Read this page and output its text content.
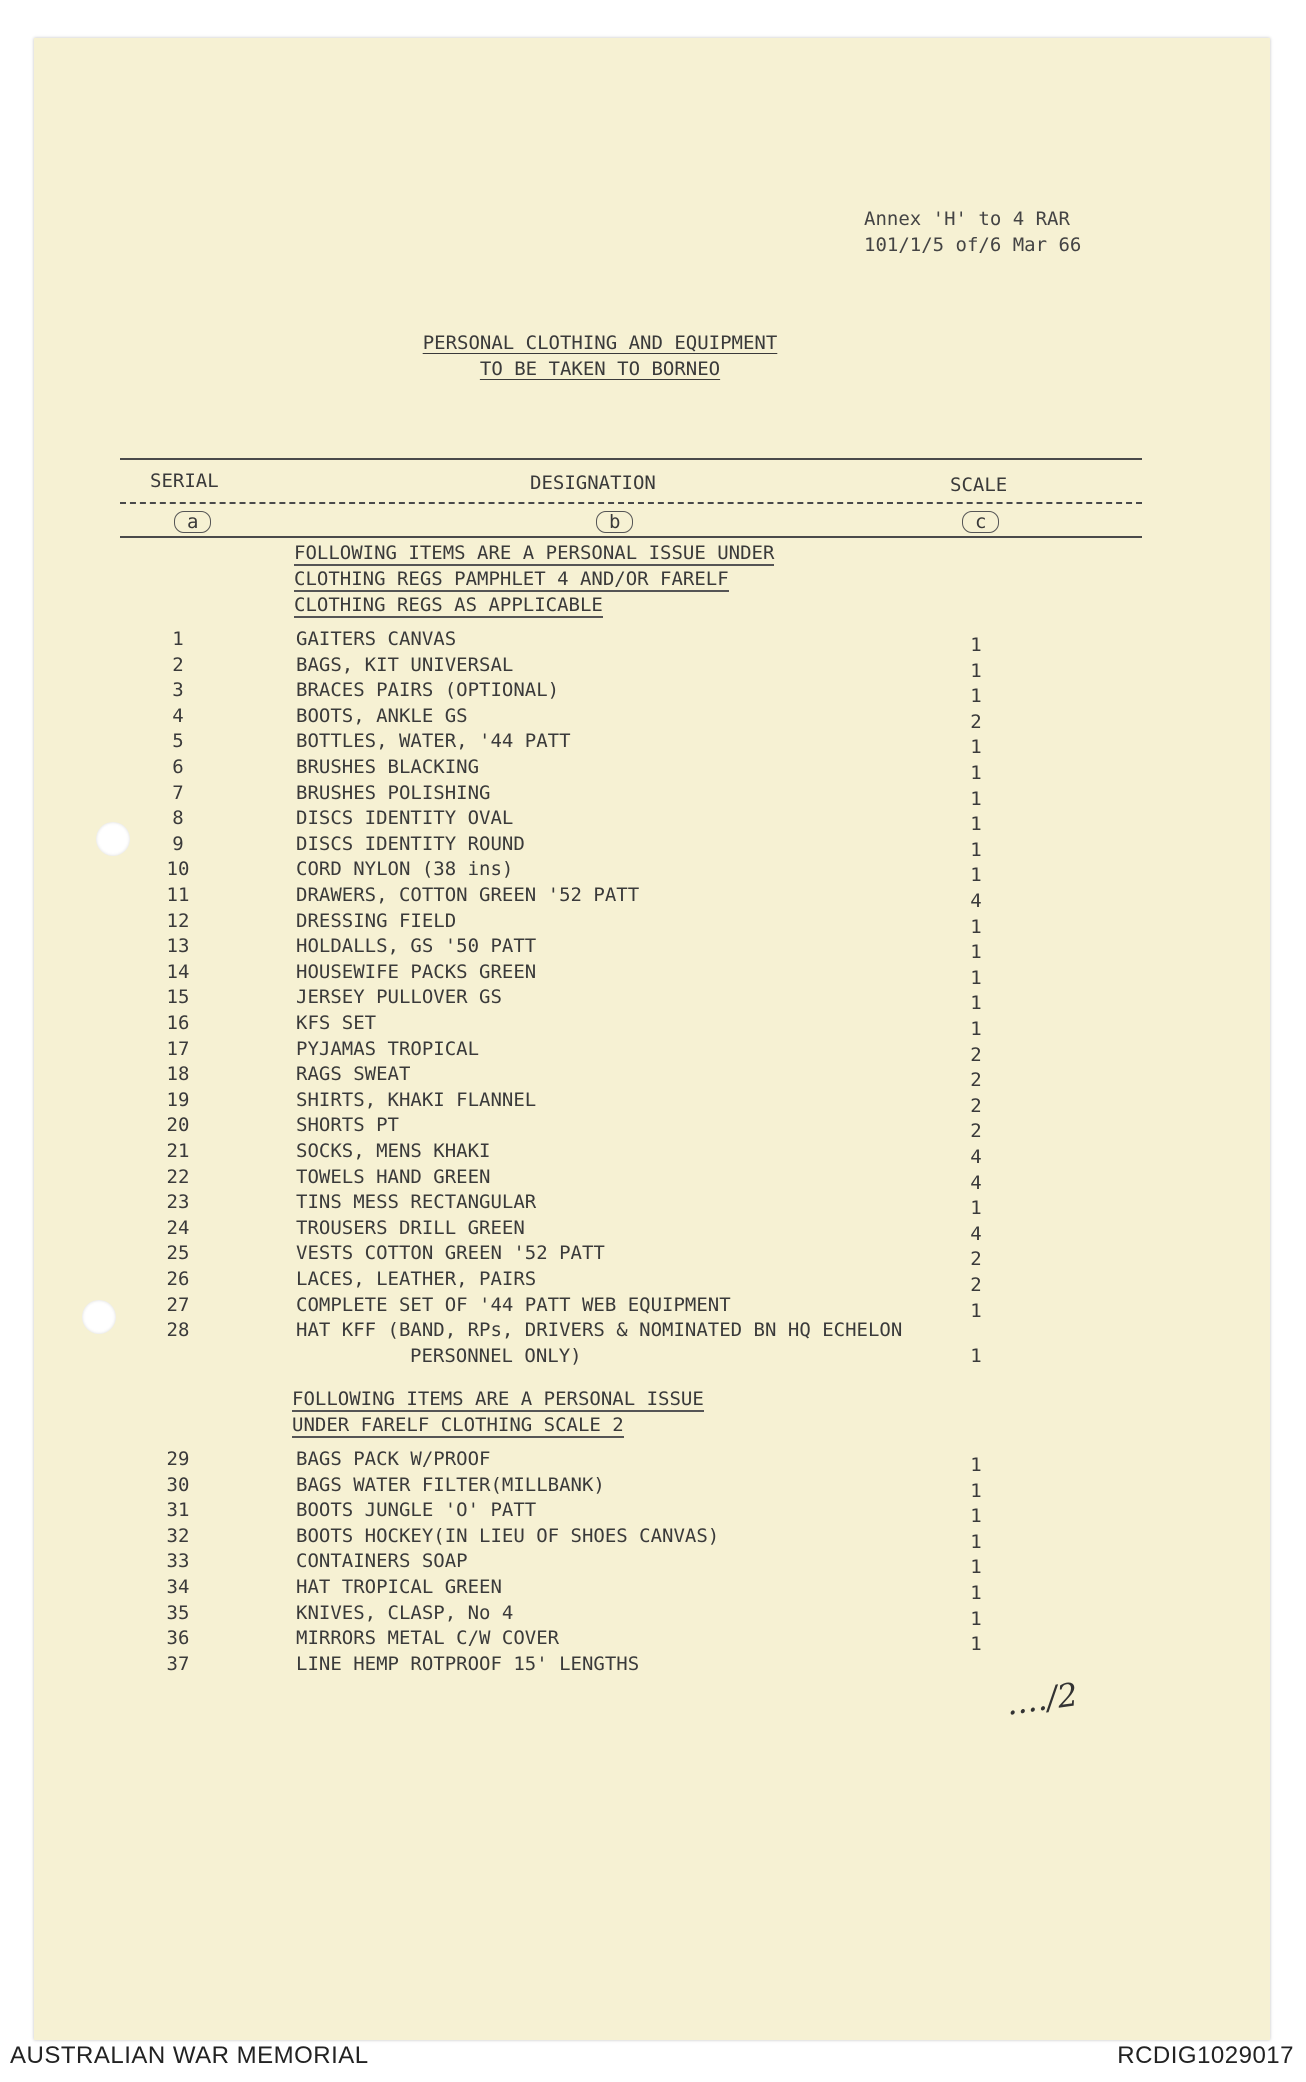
Annex 'H' to 4 RAR
101/1/5 of/6 Mar 66
PERSONAL CLOTHING AND EQUIPMENT
TO BE TAKEN TO BORNEO
SERIAL	DESIGNATION	SCALE
a	b	c
FOLLOWING ITEMS ARE A PERSONAL ISSUE UNDER
CLOTHING REGS PAMPHLET 4 AND/OR FARELF
CLOTHING REGS AS APPLICABLE
1	GAITERS CANVAS	1
2	BAGS, KIT UNIVERSAL	1
3	BRACES PAIRS (OPTIONAL)	1
4	BOOTS, ANKLE GS	2
5	BOTTLES, WATER, '44 PATT	1
6	BRUSHES BLACKING	1
7	BRUSHES POLISHING	1
8	DISCS IDENTITY OVAL	1
9	DISCS IDENTITY ROUND	1
10	CORD NYLON (38 ins)	1
11	DRAWERS, COTTON GREEN '52 PATT	4
12	DRESSING FIELD	1
13	HOLDALLS, GS '50 PATT	1
14	HOUSEWIFE PACKS GREEN	1
15	JERSEY PULLOVER GS	1
16	KFS SET	1
17	PYJAMAS TROPICAL	2
18	RAGS SWEAT	2
19	SHIRTS, KHAKI FLANNEL	2
20	SHORTS PT	2
21	SOCKS, MENS KHAKI	4
22	TOWELS HAND GREEN	4
23	TINS MESS RECTANGULAR	1
24	TROUSERS DRILL GREEN	4
25	VESTS COTTON GREEN '52 PATT	2
26	LACES, LEATHER, PAIRS	2
27	COMPLETE SET OF '44 PATT WEB EQUIPMENT	1
28	HAT KFF (BAND, RPs, DRIVERS & NOMINATED BN HQ ECHELON
PERSONNEL ONLY)	1
FOLLOWING ITEMS ARE A PERSONAL ISSUE
UNDER FARELF CLOTHING SCALE 2
29	BAGS PACK W/PROOF	1
30	BAGS WATER FILTER(MILLBANK)	1
31	BOOTS JUNGLE 'O' PATT	1
32	BOOTS HOCKEY(IN LIEU OF SHOES CANVAS)	1
33	CONTAINERS SOAP	1
34	HAT TROPICAL GREEN	1
35	KNIVES, CLASP, No 4	1
36	MIRRORS METAL C/W COVER	1
37	LINE HEMP ROTPROOF 15' LENGTHS
..../2
AUSTRALIAN WAR MEMORIAL	RCDIG1029017
